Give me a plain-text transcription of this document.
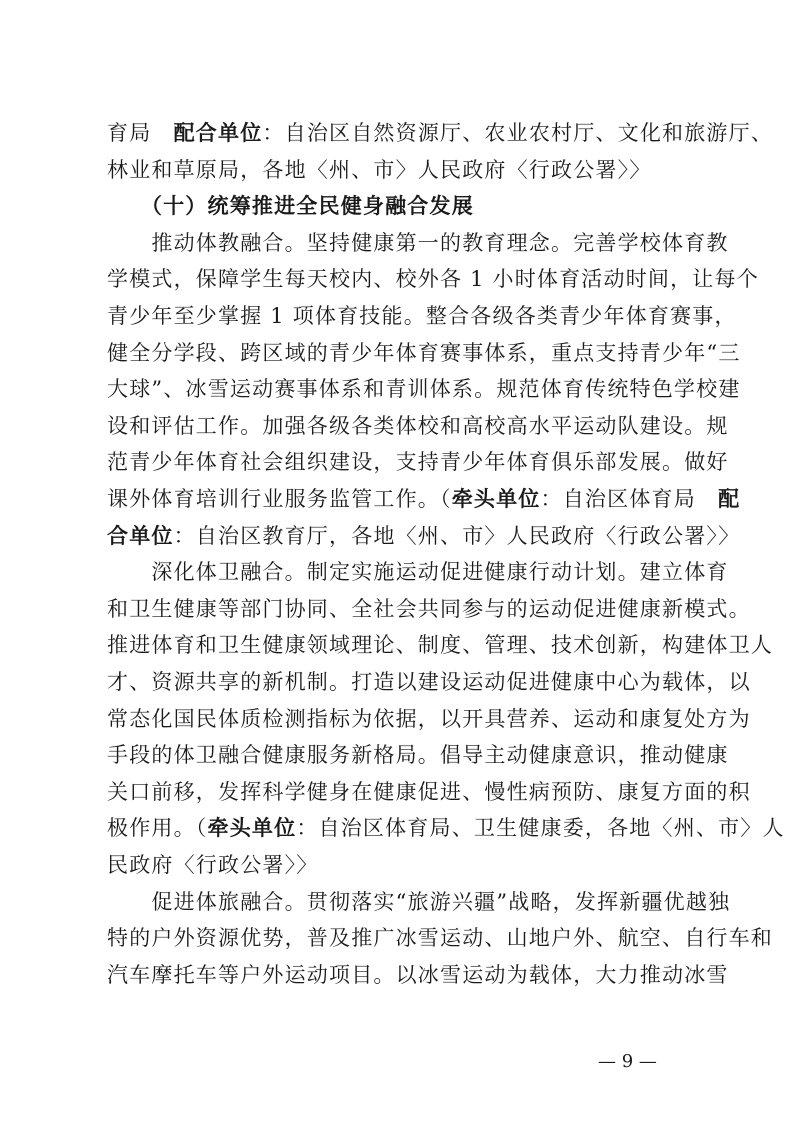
育局　配合单位：自治区自然资源厅、农业农村厅、文化和旅游厅、
林业和草原局，各地〈州、市〉人民政府〈行政公署〉〉
　　（十）统筹推进全民健身融合发展
　　推动体教融合。坚持健康第一的教育理念。完善学校体育教
学模式，保障学生每天校内、校外各 1 小时体育活动时间，让每个
青少年至少掌握 1 项体育技能。整合各级各类青少年体育赛事，
健全分学段、跨区域的青少年体育赛事体系，重点支持青少年“三
大球”、冰雪运动赛事体系和青训体系。规范体育传统特色学校建
设和评估工作。加强各级各类体校和高校高水平运动队建设。规
范青少年体育社会组织建设，支持青少年体育俱乐部发展。做好
课外体育培训行业服务监管工作。（牵头单位：自治区体育局　配
合单位：自治区教育厅，各地〈州、市〉人民政府〈行政公署〉〉
　　深化体卫融合。制定实施运动促进健康行动计划。建立体育
和卫生健康等部门协同、全社会共同参与的运动促进健康新模式。
推进体育和卫生健康领域理论、制度、管理、技术创新，构建体卫人
才、资源共享的新机制。打造以建设运动促进健康中心为载体，以
常态化国民体质检测指标为依据，以开具营养、运动和康复处方为
手段的体卫融合健康服务新格局。倡导主动健康意识，推动健康
关口前移，发挥科学健身在健康促进、慢性病预防、康复方面的积
极作用。（牵头单位：自治区体育局、卫生健康委，各地〈州、市〉人
民政府〈行政公署〉〉
　　促进体旅融合。贯彻落实“旅游兴疆”战略，发挥新疆优越独
特的户外资源优势，普及推广冰雪运动、山地户外、航空、自行车和
汽车摩托车等户外运动项目。以冰雪运动为载体，大力推动冰雪
— 9 —
